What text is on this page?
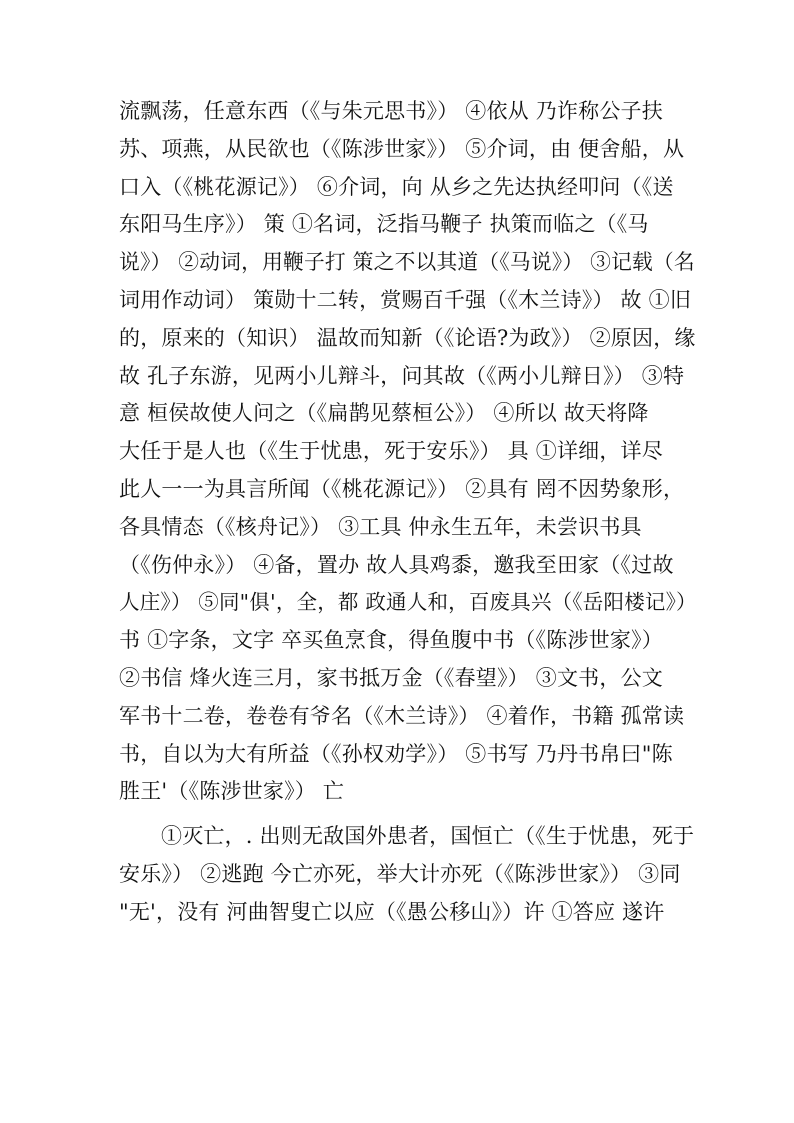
流飘荡，任意东西（《与朱元思书》） ④依从 乃诈称公子扶
苏、项燕，从民欲也（《陈涉世家》） ⑤介词，由 便舍船，从
口入（《桃花源记》） ⑥介词，向 从乡之先达执经叩问（《送
东阳马生序》） 策 ①名词，泛指马鞭子 执策而临之（《马
说》） ②动词，用鞭子打 策之不以其道（《马说》） ③记载（名
词用作动词） 策勋十二转，赏赐百千强（《木兰诗》） 故 ①旧
的，原来的（知识） 温故而知新（《论语?为政》） ②原因，缘
故 孔子东游，见两小儿辩斗，问其故（《两小儿辩日》） ③特
意 桓侯故使人问之（《扁鹊见蔡桓公》） ④所以 故天将降
大任于是人也（《生于忧患，死于安乐》） 具 ①详细，详尽
此人一一为具言所闻（《桃花源记》） ②具有 罔不因势象形，
各具情态（《核舟记》） ③工具 仲永生五年，未尝识书具
（《伤仲永》） ④备，置办 故人具鸡黍，邀我至田家（《过故
人庄》） ⑤同"俱'，全，都 政通人和，百废具兴（《岳阳楼记》）
书 ①字条，文字 卒买鱼烹食，得鱼腹中书（《陈涉世家》）
②书信 烽火连三月，家书抵万金（《春望》） ③文书，公文
军书十二卷，卷卷有爷名（《木兰诗》） ④着作，书籍 孤常读
书，自以为大有所益（《孙权劝学》） ⑤书写 乃丹书帛曰"陈
胜王'（《陈涉世家》） 亡
①灭亡，. 出则无敌国外患者，国恒亡（《生于忧患，死于
安乐》） ②逃跑 今亡亦死，举大计亦死（《陈涉世家》） ③同
"无'，没有 河曲智叟亡以应（《愚公移山》）许 ①答应 遂许
